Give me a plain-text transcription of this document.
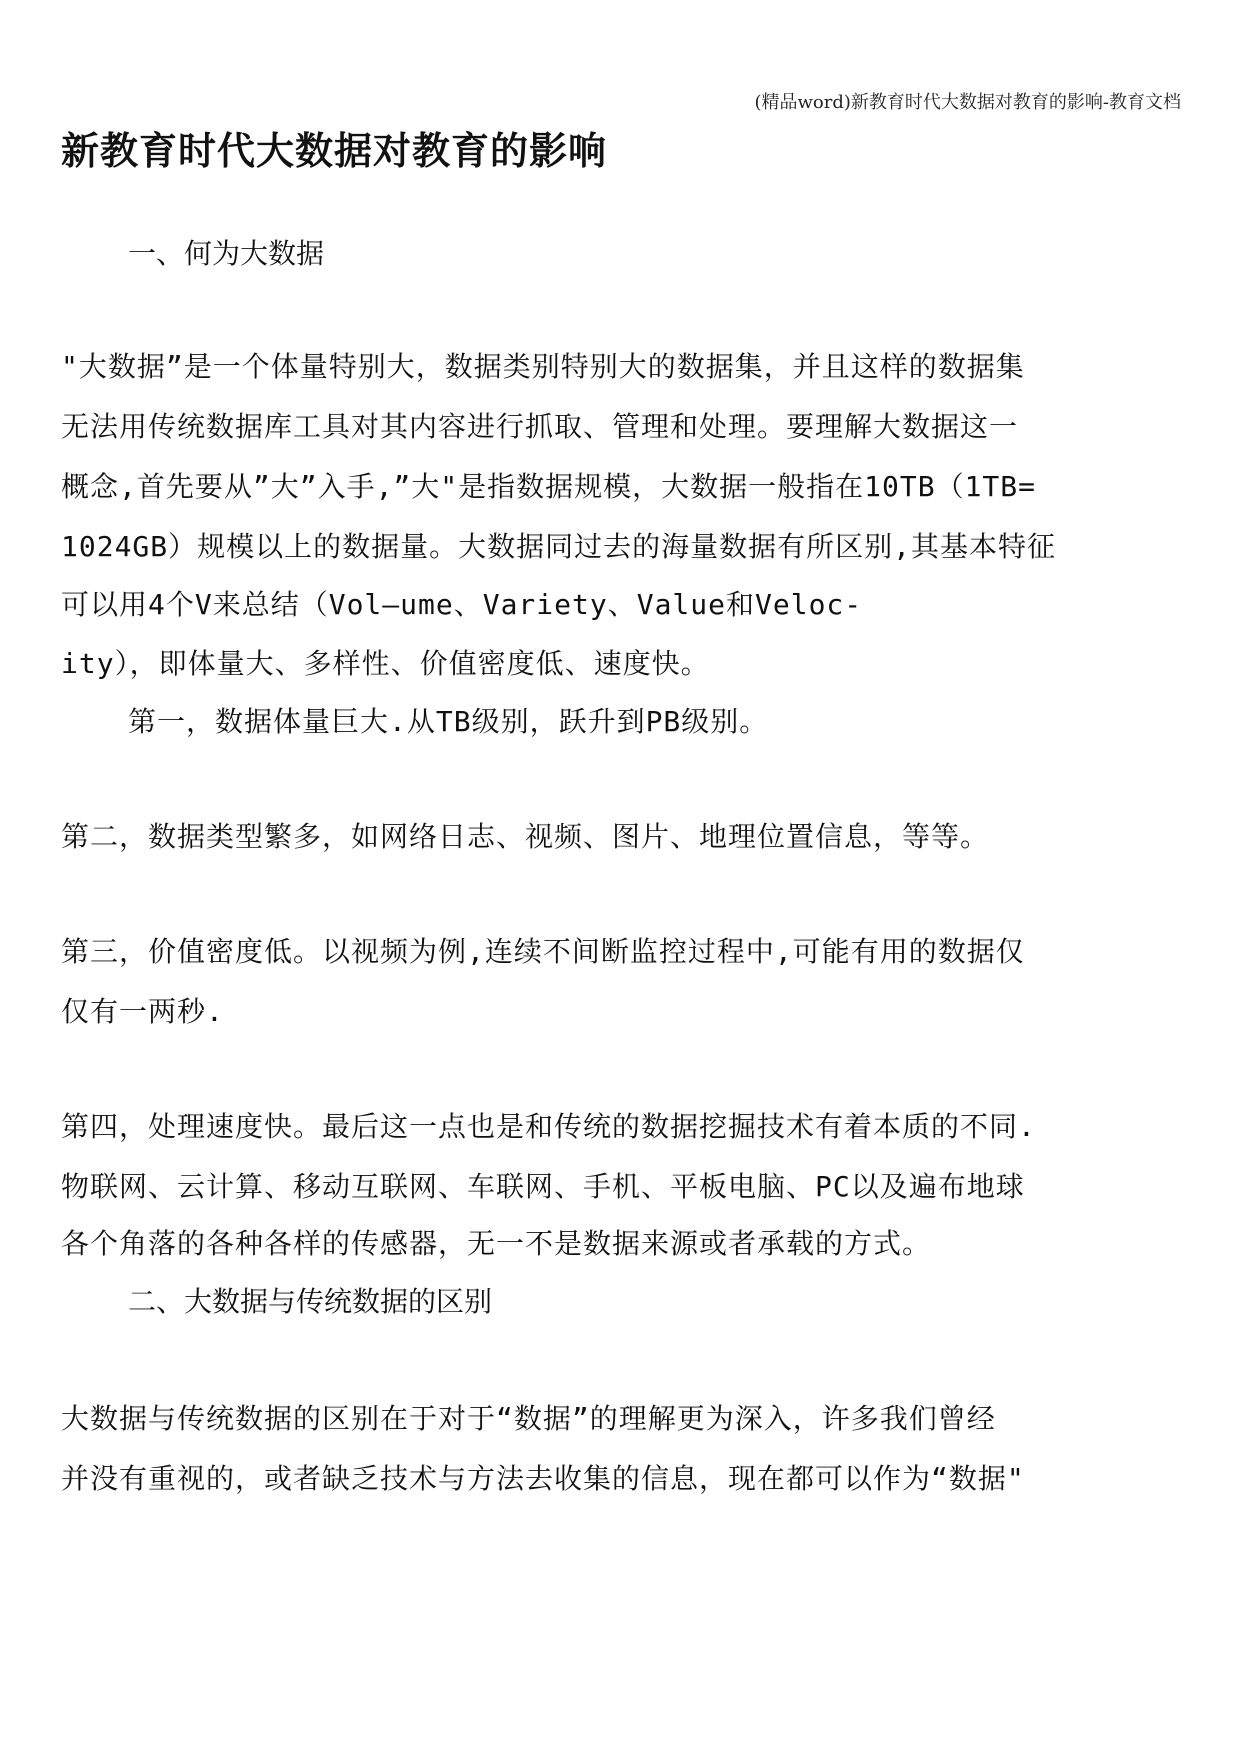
(精品word)新教育时代大数据对教育的影响-教育文档
新教育时代大数据对教育的影响
一、何为大数据
"大数据”是一个体量特别大，数据类别特别大的数据集，并且这样的数据集
无法用传统数据库工具对其内容进行抓取、管理和处理。要理解大数据这一
概念,首先要从”大”入手,”大"是指数据规模，大数据一般指在10TB（1TB=
1024GB）规模以上的数据量。大数据同过去的海量数据有所区别,其基本特征
可以用4个V来总结（Vol—ume、Variety、Value和Veloc-
ity），即体量大、多样性、价值密度低、速度快。
第一，数据体量巨大.从TB级别，跃升到PB级别。
第二，数据类型繁多，如网络日志、视频、图片、地理位置信息，等等。
第三，价值密度低。以视频为例,连续不间断监控过程中,可能有用的数据仅
仅有一两秒.
第四，处理速度快。最后这一点也是和传统的数据挖掘技术有着本质的不同.
物联网、云计算、移动互联网、车联网、手机、平板电脑、PC以及遍布地球
各个角落的各种各样的传感器，无一不是数据来源或者承载的方式。
二、大数据与传统数据的区别
大数据与传统数据的区别在于对于“数据”的理解更为深入，许多我们曾经
并没有重视的，或者缺乏技术与方法去收集的信息，现在都可以作为“数据"
